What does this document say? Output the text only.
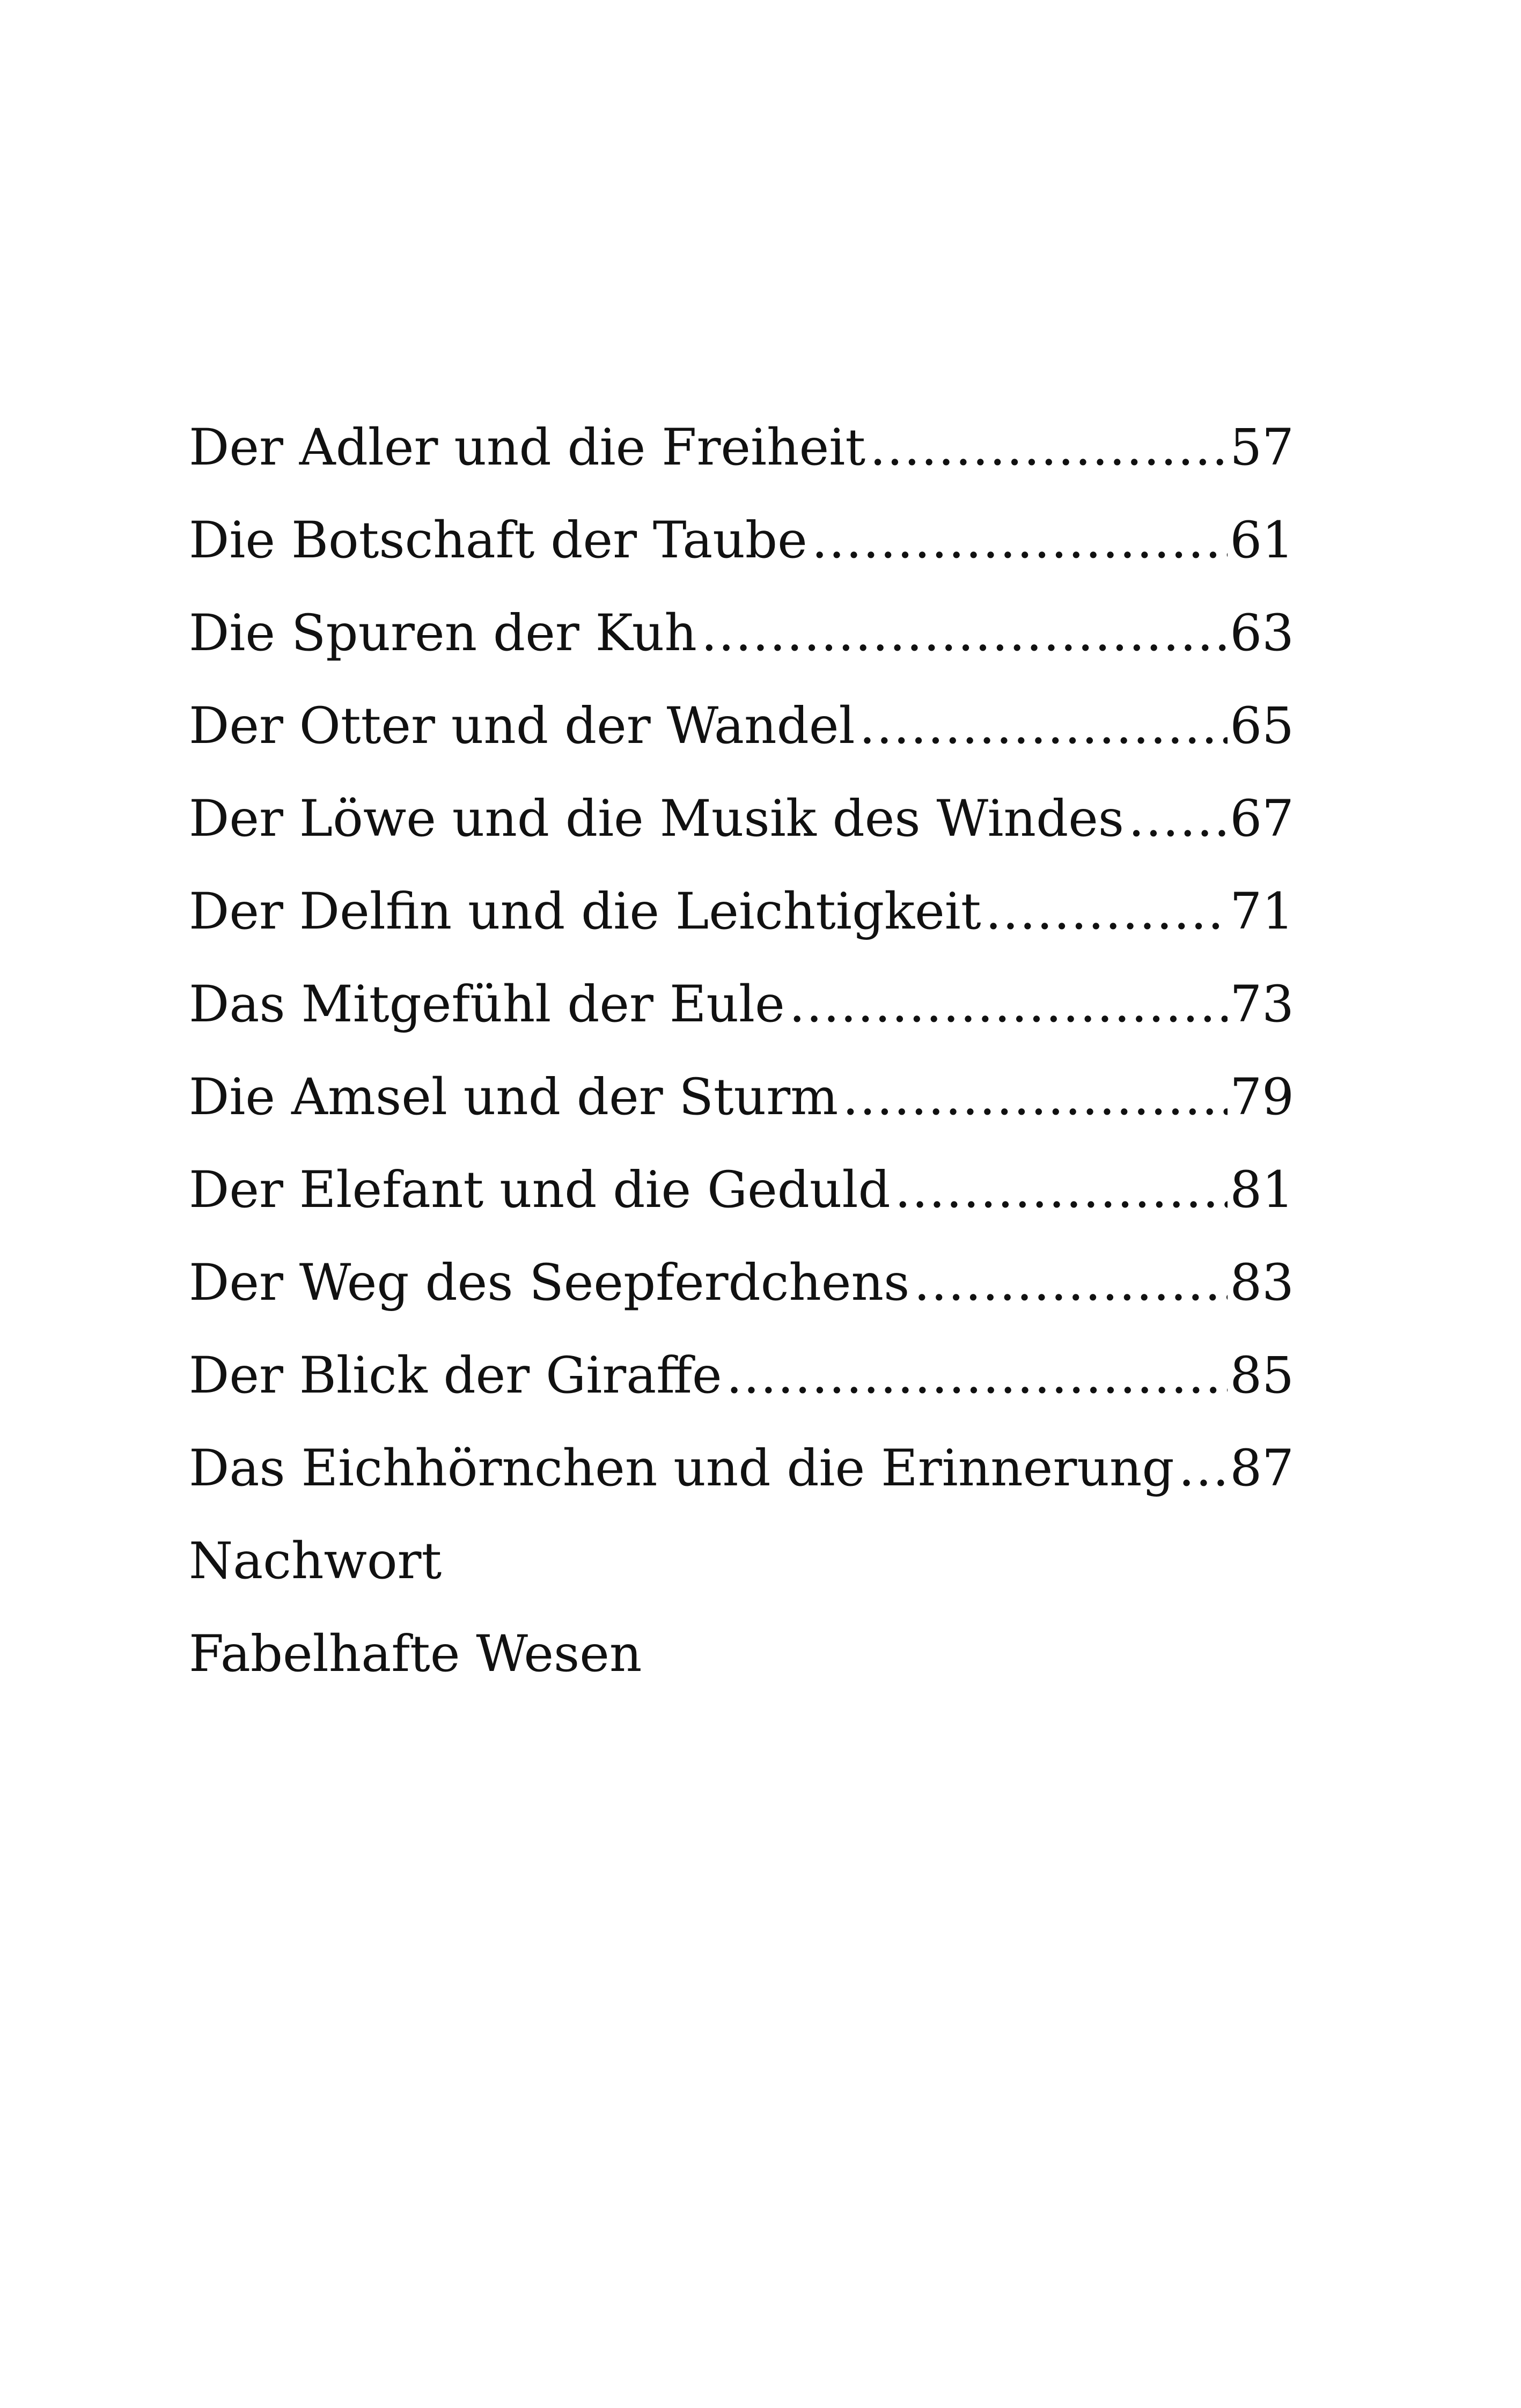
Der Adler und die Freiheit .....	57
Die Botschaft der Taube .....	61
Die Spuren der Kuh .....	63
Der Otter und der Wandel .....	65
Der Löwe und die Musik des Windes ..... 67
Der Delfin und die Leichtigkeit .....	71
Das Mitgefühl der Eule .....	73
Die Amsel und der Sturm .....	79
Der Elefant und die Geduld .....	81
Der Weg des Seepferdchens .....	83
Der Blick der Giraffe .....	85
Das Eichhörnchen und die Erinnerung ..... 87
Nachwort
Fabelhafte Wesen
